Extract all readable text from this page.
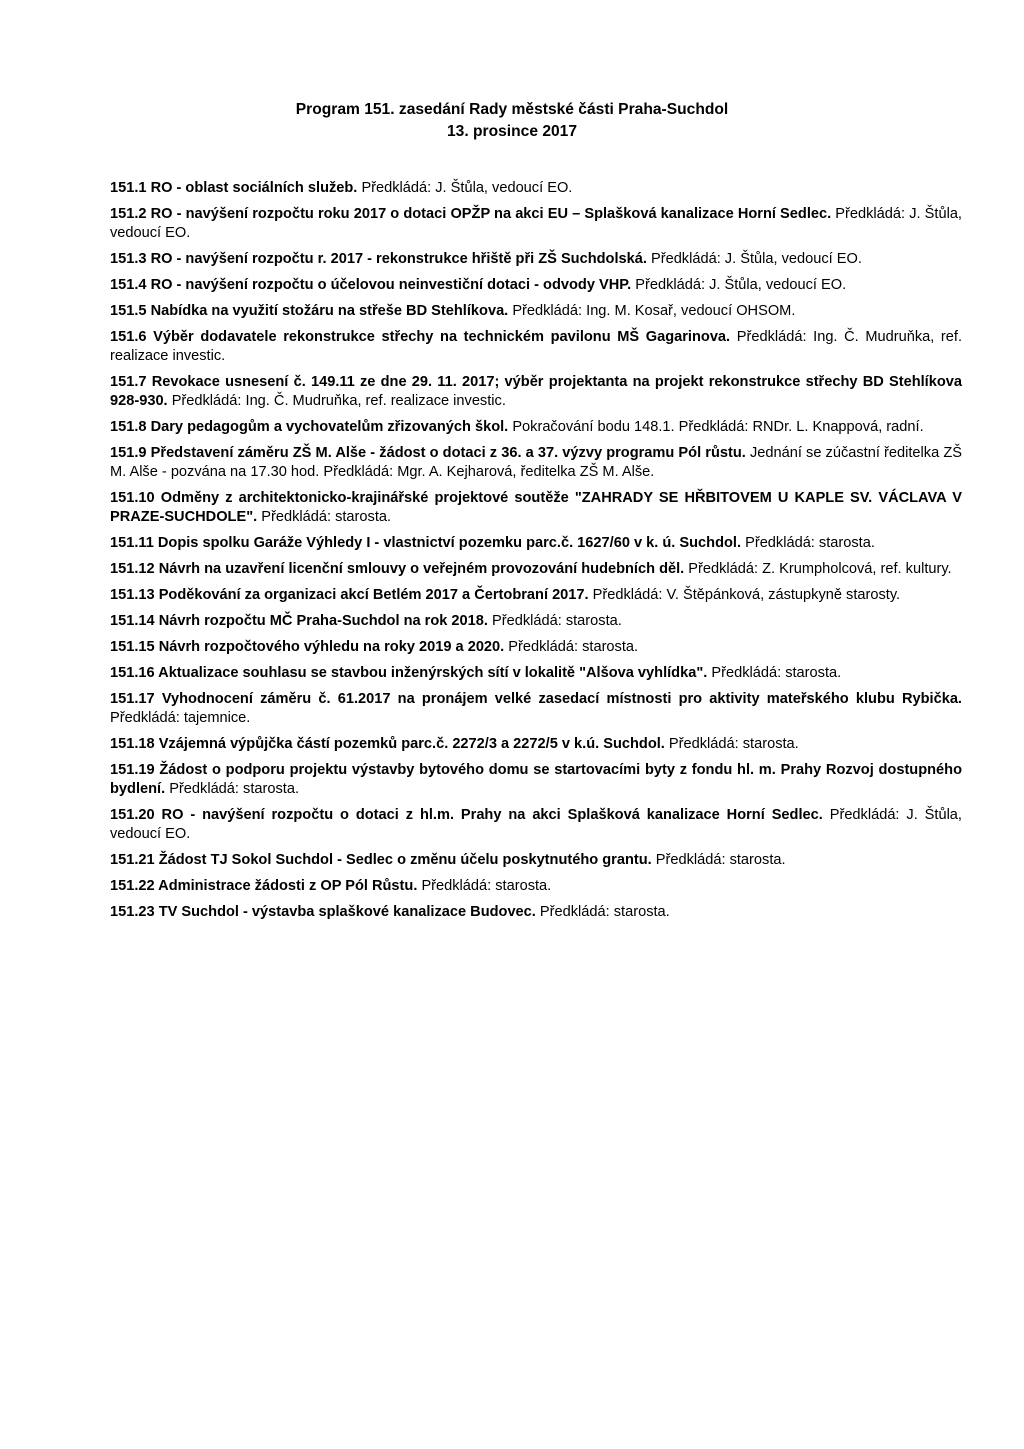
Program 151. zasedání Rady městské části Praha-Suchdol

13. prosince 2017

151.1 RO - oblast sociálních služeb. Předkládá: J. Štůla, vedoucí EO.

151.2 RO - navýšení rozpočtu roku 2017 o dotaci OPŽP na akci EU – Splašková kanalizace Horní Sedlec. Předkládá: J. Štůla, vedoucí EO.

151.3 RO - navýšení rozpočtu r. 2017 - rekonstrukce hřiště při ZŠ Suchdolská. Předkládá: J. Štůla, vedoucí EO.

151.4 RO - navýšení rozpočtu o účelovou neinvestiční dotaci - odvody VHP. Předkládá: J. Štůla, vedoucí EO.

151.5 Nabídka na využití stožáru na střeše BD Stehlíkova. Předkládá: Ing. M. Kosař, vedoucí OHSOM.

151.6 Výběr dodavatele rekonstrukce střechy na technickém pavilonu MŠ Gagarinova. Předkládá: Ing. Č. Mudruňka, ref. realizace investic.

151.7 Revokace usnesení č. 149.11 ze dne 29. 11. 2017; výběr projektanta na projekt rekonstrukce střechy BD Stehlíkova 928-930. Předkládá: Ing. Č. Mudruňka, ref. realizace investic.

151.8 Dary pedagogům a vychovatelům zřizovaných škol. Pokračování bodu 148.1. Předkládá: RNDr. L. Knappová, radní.

151.9 Představení záměru ZŠ M. Alše - žádost o dotaci z 36. a 37. výzvy programu Pól růstu. Jednání se zúčastní ředitelka ZŠ M. Alše - pozvána na 17.30 hod. Předkládá: Mgr. A. Kejharová, ředitelka ZŠ M. Alše.

151.10 Odměny z architektonicko-krajinářské projektové soutěže "ZAHRADY SE HŘBITOVEM U KAPLE SV. VÁCLAVA V PRAZE-SUCHDOLE". Předkládá: starosta.

151.11 Dopis spolku Garáže Výhledy I - vlastnictví pozemku parc.č. 1627/60 v k. ú. Suchdol. Předkládá: starosta.

151.12 Návrh na uzavření licenční smlouvy o veřejném provozování hudebních děl. Předkládá: Z. Krumpholcová, ref. kultury.

151.13 Poděkování za organizaci akcí Betlém 2017 a Čertobraní 2017. Předkládá: V. Štěpánková, zástupkyně starosty.

151.14 Návrh rozpočtu MČ Praha-Suchdol na rok 2018. Předkládá: starosta.

151.15 Návrh rozpočtového výhledu na roky 2019 a 2020. Předkládá: starosta.

151.16 Aktualizace souhlasu se stavbou inženýrských sítí v lokalitě "Alšova vyhlídka". Předkládá: starosta.

151.17 Vyhodnocení záměru č. 61.2017 na pronájem velké zasedací místnosti pro aktivity mateřského klubu Rybička. Předkládá: tajemnice.

151.18 Vzájemná výpůjčka částí pozemků parc.č. 2272/3 a 2272/5 v k.ú. Suchdol. Předkládá: starosta.

151.19 Žádost o podporu projektu výstavby bytového domu se startovacími byty z fondu hl. m. Prahy Rozvoj dostupného bydlení. Předkládá: starosta.

151.20 RO - navýšení rozpočtu o dotaci z hl.m. Prahy na akci Splašková kanalizace Horní Sedlec. Předkládá: J. Štůla, vedoucí EO.

151.21 Žádost TJ Sokol Suchdol - Sedlec o změnu účelu poskytnutého grantu. Předkládá: starosta.

151.22 Administrace žádosti z OP Pól Růstu. Předkládá: starosta.

151.23 TV Suchdol - výstavba splaškové kanalizace Budovec. Předkládá: starosta.
